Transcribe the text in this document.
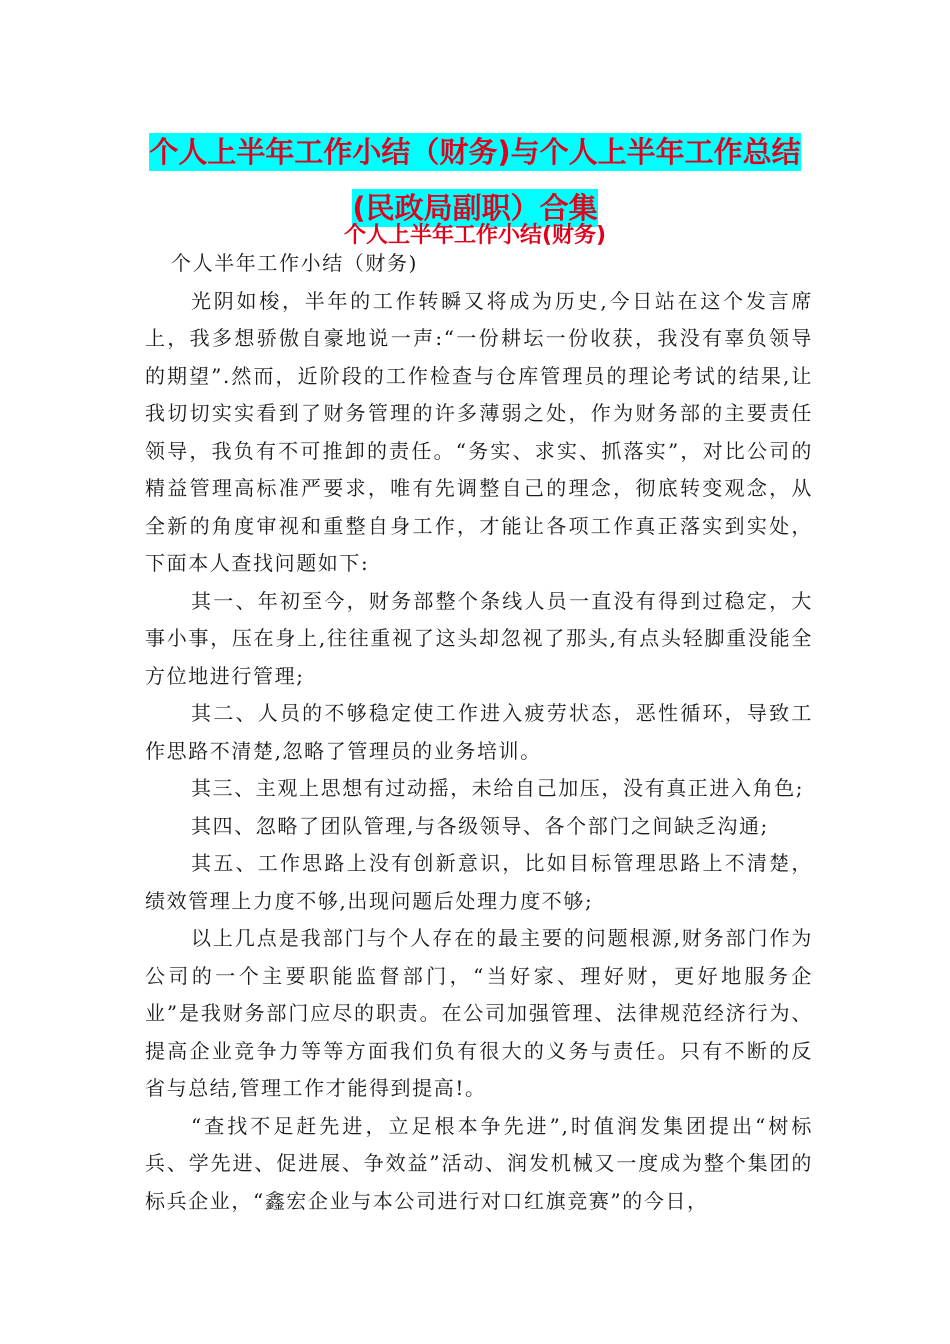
个人上半年工作小结（财务)与个人上半年工作总结(民政局副职）合集
个人上半年工作小结(财务)

个人半年工作小结（财务)

光阴如梭，半年的工作转瞬又将成为历史,今日站在这个发言席上，我多想骄傲自豪地说一声:“一份耕坛一份收获，我没有辜负领导的期望”.然而，近阶段的工作检查与仓库管理员的理论考试的结果,让我切切实实看到了财务管理的许多薄弱之处，作为财务部的主要责任领导，我负有不可推卸的责任。“务实、求实、抓落实”，对比公司的精益管理高标准严要求，唯有先调整自己的理念，彻底转变观念，从全新的角度审视和重整自身工作，才能让各项工作真正落实到实处，下面本人查找问题如下:

其一、年初至今，财务部整个条线人员一直没有得到过稳定，大事小事，压在身上,往往重视了这头却忽视了那头,有点头轻脚重没能全方位地进行管理;

其二、人员的不够稳定使工作进入疲劳状态，恶性循环，导致工作思路不清楚,忽略了管理员的业务培训。

其三、主观上思想有过动摇，未给自己加压，没有真正进入角色;

其四、忽略了团队管理,与各级领导、各个部门之间缺乏沟通;

其五、工作思路上没有创新意识，比如目标管理思路上不清楚，绩效管理上力度不够,出现问题后处理力度不够;

以上几点是我部门与个人存在的最主要的问题根源,财务部门作为公司的一个主要职能监督部门，“当好家、理好财，更好地服务企业”是我财务部门应尽的职责。在公司加强管理、法律规范经济行为、提高企业竞争力等等方面我们负有很大的义务与责任。只有不断的反省与总结,管理工作才能得到提高!。

“查找不足赶先进，立足根本争先进”,时值润发集团提出“树标兵、学先进、促进展、争效益”活动、润发机械又一度成为整个集团的标兵企业，“鑫宏企业与本公司进行对口红旗竞赛”的今日，
